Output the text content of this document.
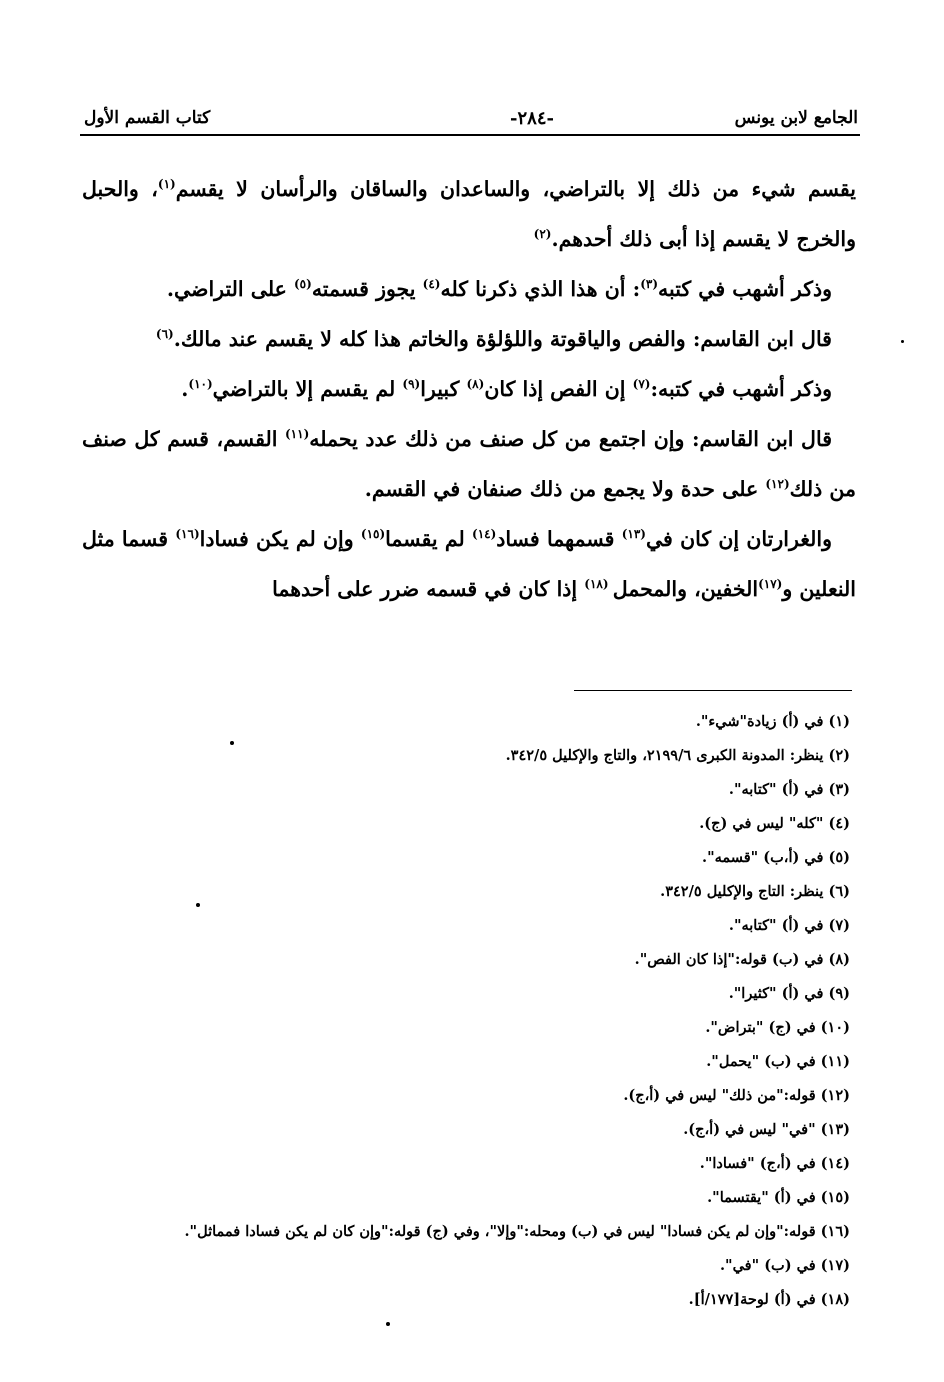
الجامع لابن يونس
-٢٨٤-
كتاب القسم الأول

يقسم شيء من ذلك إلا بالتراضي، والساعدان والساقان والرأسان لا يقسم$^{(١)}$، والحبل والخرج لا يقسم إذا أبى ذلك أحدهم.$^{(٢)}$

وذكر أشهب في كتبه$^{(٣)}$: أن هذا الذي ذكرنا كله$^{(٤)}$ يجوز قسمته$^{(٥)}$ على التراضي.

قال ابن القاسم: والفص والياقوتة واللؤلؤة والخاتم هذا كله لا يقسم عند مالك.$^{(٦)}$

وذكر أشهب في كتبه:$^{(٧)}$ إن الفص إذا كان$^{(٨)}$ كبيرا$^{(٩)}$ لم يقسم إلا بالتراضي$^{(١٠)}$.

قال ابن القاسم: وإن اجتمع من كل صنف من ذلك عدد يحمله$^{(١١)}$ القسم، قسم كل صنف من ذلك$^{(١٢)}$ على حدة ولا يجمع من ذلك صنفان في القسم.

والغرارتان إن كان في$^{(١٣)}$ قسمهما فساد$^{(١٤)}$ لم يقسما$^{(١٥)}$ وإن لم يكن فسادا$^{(١٦)}$ قسما مثل النعلين و$^{(١٧)}$الخفين، والمحمل $^{(١٨)}$ إذا كان في قسمه ضرر على أحدهما

(١) في (أ) زيادة"شيء".
(٢) ينظر: المدونة الكبرى ٢١٩٩/٦، والتاج والإكليل ٣٤٢/٥.
(٣) في (أ) "كتابه".
(٤) "كله" ليس في (ج).
(٥) في (أ،ب) "قسمه".
(٦) ينظر: التاج والإكليل ٣٤٢/٥.
(٧) في (أ) "كتابه".
(٨) في (ب) قوله:"إذا كان الفص".
(٩) في (أ) "كثيرا".
(١٠) في (ج) "بتراض".
(١١) في (ب) "يحمل".
(١٢) قوله:"من ذلك" ليس في (أ،ج).
(١٣) "في" ليس في (أ،ج).
(١٤) في (أ،ج) "فسادا".
(١٥) في (أ) "يقتسما".
(١٦) قوله:"وإن لم يكن فسادا" ليس في (ب) ومحله:"وإلا"، وفي (ج) قوله:"وإن كان لم يكن فسادا فمماثل".
(١٧) في (ب) "في".
(١٨) في (أ) لوحة[١٧٧/أ].
